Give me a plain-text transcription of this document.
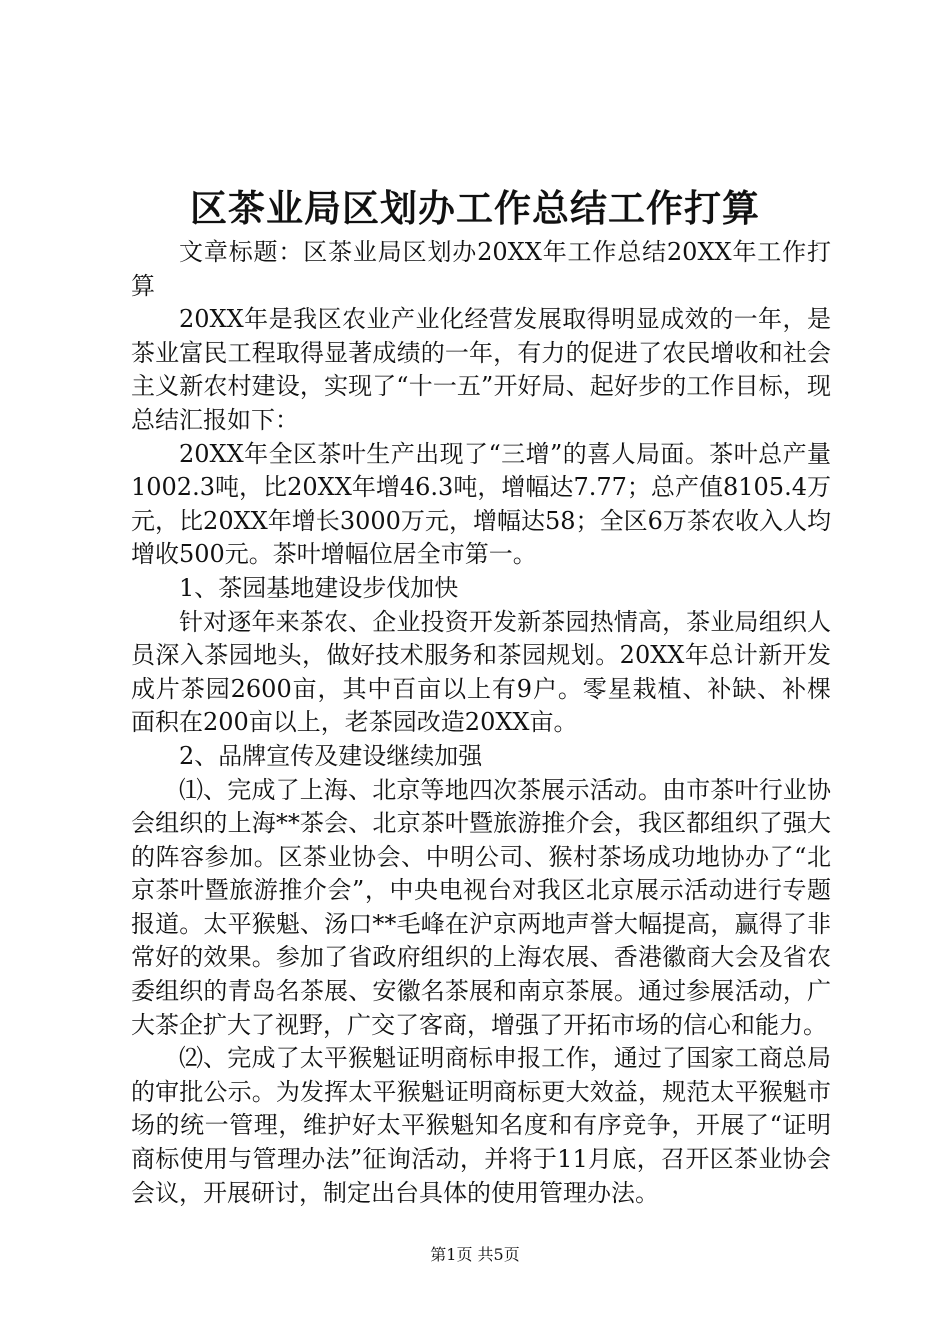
区茶业局区划办工作总结工作打算

文章标题：区茶业局区划办20XX年工作总结20XX年工作打算

20XX年是我区农业产业化经营发展取得明显成效的一年，是茶业富民工程取得显著成绩的一年，有力的促进了农民增收和社会主义新农村建设，实现了“十一五”开好局、起好步的工作目标，现总结汇报如下：

20XX年全区茶叶生产出现了“三增”的喜人局面。茶叶总产量1002.3吨，比20XX年增46.3吨，增幅达7.77；总产值8105.4万元，比20XX年增长3000万元，增幅达58；全区6万茶农收入人均增收500元。茶叶增幅位居全市第一。

1、茶园基地建设步伐加快

针对逐年来茶农、企业投资开发新茶园热情高，茶业局组织人员深入茶园地头，做好技术服务和茶园规划。20XX年总计新开发成片茶园2600亩，其中百亩以上有9户。零星栽植、补缺、补棵面积在200亩以上，老茶园改造20XX亩。

2、品牌宣传及建设继续加强

⑴、完成了上海、北京等地四次茶展示活动。由市茶叶行业协会组织的上海**茶会、北京茶叶暨旅游推介会，我区都组织了强大的阵容参加。区茶业协会、中明公司、猴村茶场成功地协办了“北京茶叶暨旅游推介会”，中央电视台对我区北京展示活动进行专题报道。太平猴魁、汤口**毛峰在沪京两地声誉大幅提高，赢得了非常好的效果。参加了省政府组织的上海农展、香港徽商大会及省农委组织的青岛名茶展、安徽名茶展和南京茶展。通过参展活动，广大茶企扩大了视野，广交了客商，增强了开拓市场的信心和能力。

⑵、完成了太平猴魁证明商标申报工作，通过了国家工商总局的审批公示。为发挥太平猴魁证明商标更大效益，规范太平猴魁市场的统一管理，维护好太平猴魁知名度和有序竞争，开展了“证明商标使用与管理办法”征询活动，并将于11月底，召开区茶业协会会议，开展研讨，制定出台具体的使用管理办法。

第1页 共5页
